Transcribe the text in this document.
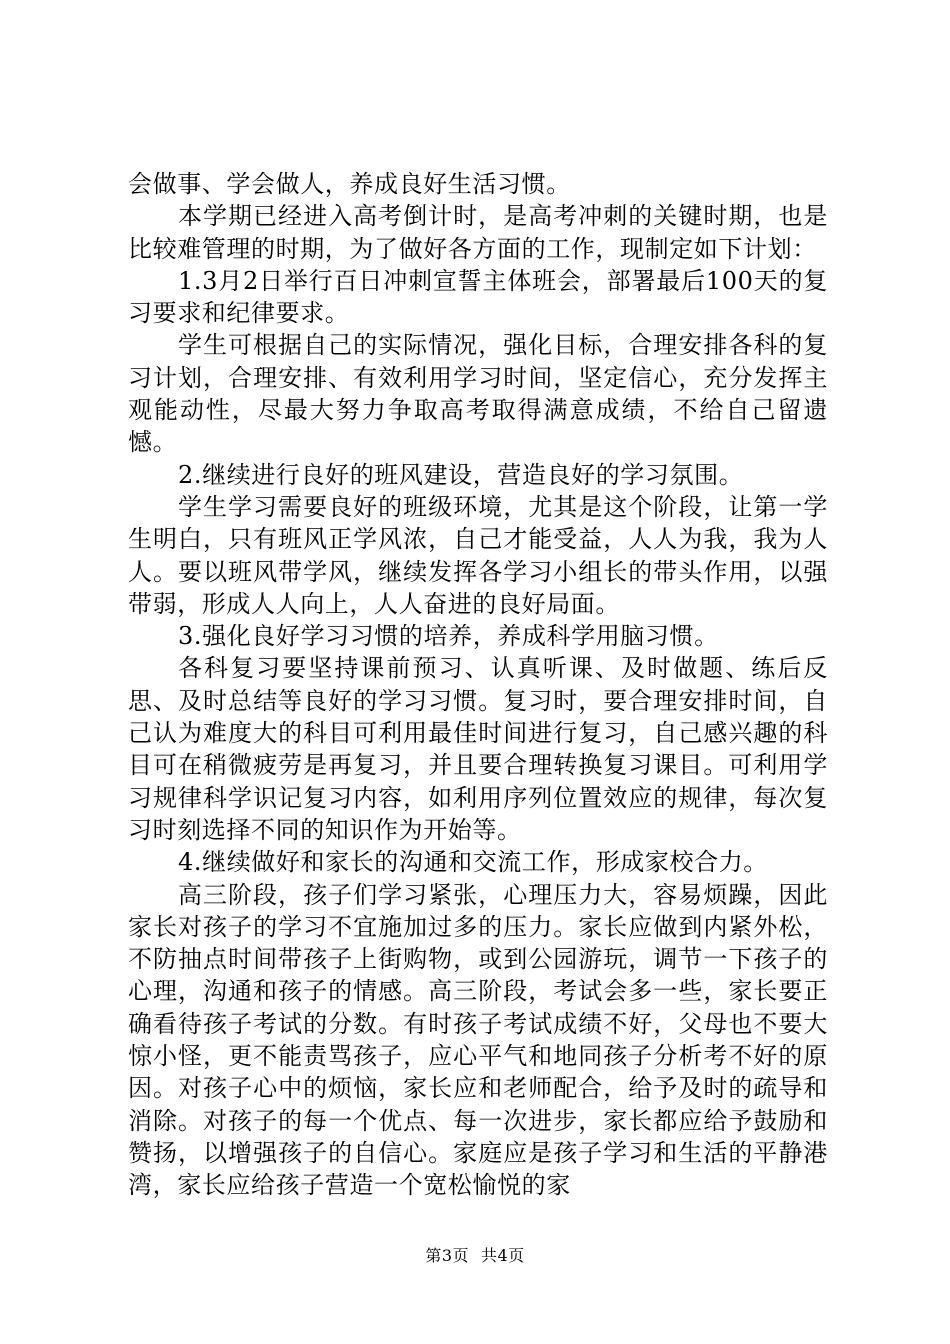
会做事、学会做人，养成良好生活习惯。

本学期已经进入高考倒计时，是高考冲刺的关键时期，也是比较难管理的时期，为了做好各方面的工作，现制定如下计划：

1.3月2日举行百日冲刺宣誓主体班会，部署最后100天的复习要求和纪律要求。

学生可根据自己的实际情况，强化目标，合理安排各科的复习计划，合理安排、有效利用学习时间，坚定信心，充分发挥主观能动性，尽最大努力争取高考取得满意成绩，不给自己留遗憾。

2.继续进行良好的班风建设，营造良好的学习氛围。

学生学习需要良好的班级环境，尤其是这个阶段，让第一学生明白，只有班风正学风浓，自己才能受益，人人为我，我为人人。要以班风带学风，继续发挥各学习小组长的带头作用，以强带弱，形成人人向上，人人奋进的良好局面。

3.强化良好学习习惯的培养，养成科学用脑习惯。

各科复习要坚持课前预习、认真听课、及时做题、练后反思、及时总结等良好的学习习惯。复习时，要合理安排时间，自己认为难度大的科目可利用最佳时间进行复习，自己感兴趣的科目可在稍微疲劳是再复习，并且要合理转换复习课目。可利用学习规律科学识记复习内容，如利用序列位置效应的规律，每次复习时刻选择不同的知识作为开始等。

4.继续做好和家长的沟通和交流工作，形成家校合力。

高三阶段，孩子们学习紧张，心理压力大，容易烦躁，因此家长对孩子的学习不宜施加过多的压力。家长应做到内紧外松，不防抽点时间带孩子上街购物，或到公园游玩，调节一下孩子的心理，沟通和孩子的情感。高三阶段，考试会多一些，家长要正确看待孩子考试的分数。有时孩子考试成绩不好，父母也不要大惊小怪，更不能责骂孩子，应心平气和地同孩子分析考不好的原因。对孩子心中的烦恼，家长应和老师配合，给予及时的疏导和消除。对孩子的每一个优点、每一次进步，家长都应给予鼓励和赞扬，以增强孩子的自信心。家庭应是孩子学习和生活的平静港湾，家长应给孩子营造一个宽松愉悦的家

第3页 共4页
